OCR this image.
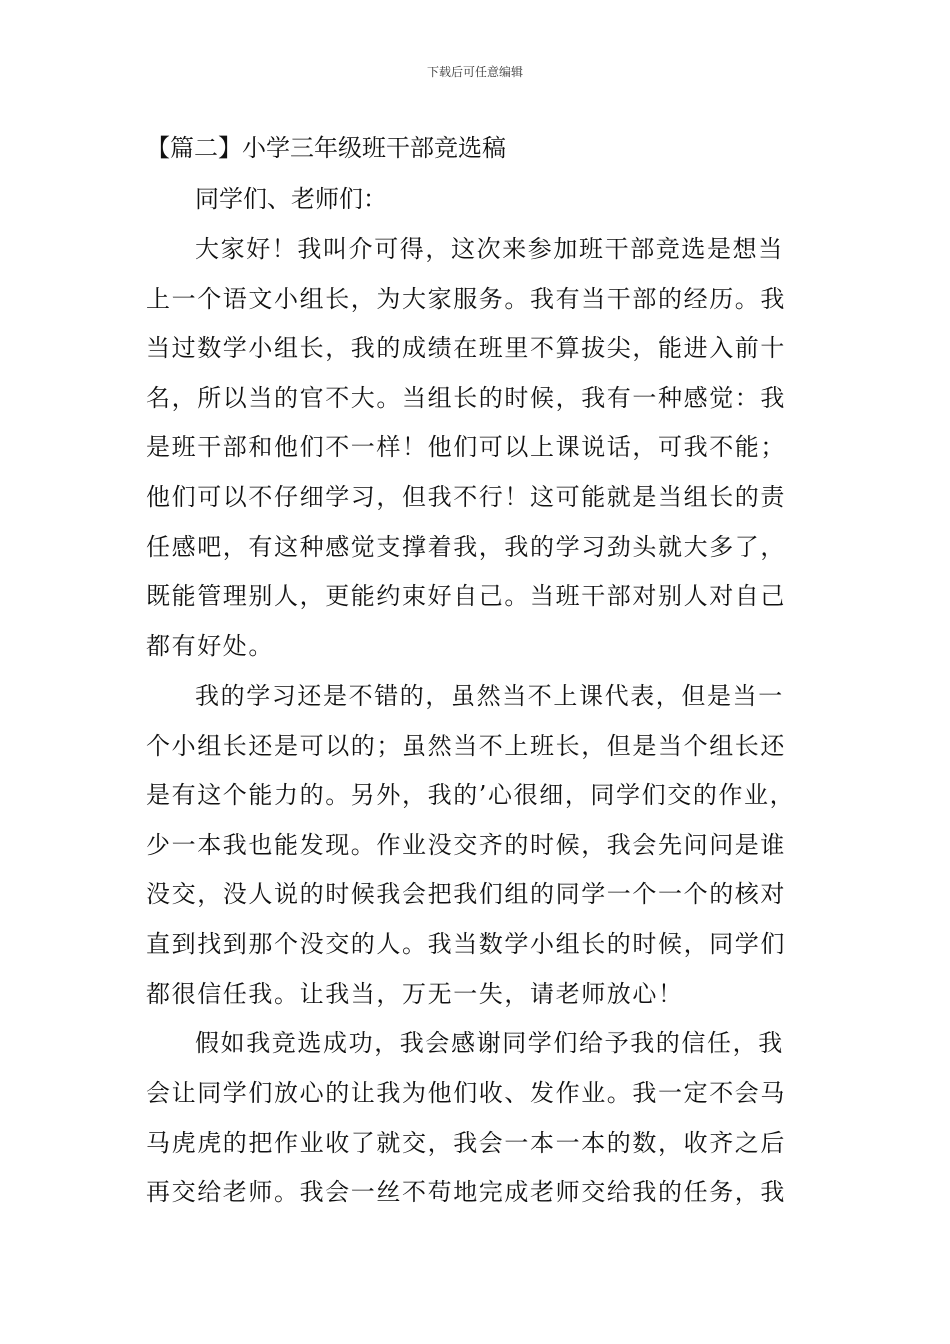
下载后可任意编辑
【篇二】小学三年级班干部竞选稿
同学们、老师们：
大家好！我叫介可得，这次来参加班干部竞选是想当
上一个语文小组长，为大家服务。我有当干部的经历。我
当过数学小组长，我的成绩在班里不算拔尖，能进入前十
名，所以当的官不大。当组长的时候，我有一种感觉：我
是班干部和他们不一样！他们可以上课说话，可我不能；
他们可以不仔细学习，但我不行！这可能就是当组长的责
任感吧，有这种感觉支撑着我，我的学习劲头就大多了，
既能管理别人，更能约束好自己。当班干部对别人对自己
都有好处。
我的学习还是不错的，虽然当不上课代表，但是当一
个小组长还是可以的；虽然当不上班长，但是当个组长还
是有这个能力的。另外，我的’心很细，同学们交的作业，
少一本我也能发现。作业没交齐的时候，我会先问问是谁
没交，没人说的时候我会把我们组的同学一个一个的核对
直到找到那个没交的人。我当数学小组长的时候，同学们
都很信任我。让我当，万无一失，请老师放心！
假如我竞选成功，我会感谢同学们给予我的信任，我
会让同学们放心的让我为他们收、发作业。我一定不会马
马虎虎的把作业收了就交，我会一本一本的数，收齐之后
再交给老师。我会一丝不苟地完成老师交给我的任务，我
